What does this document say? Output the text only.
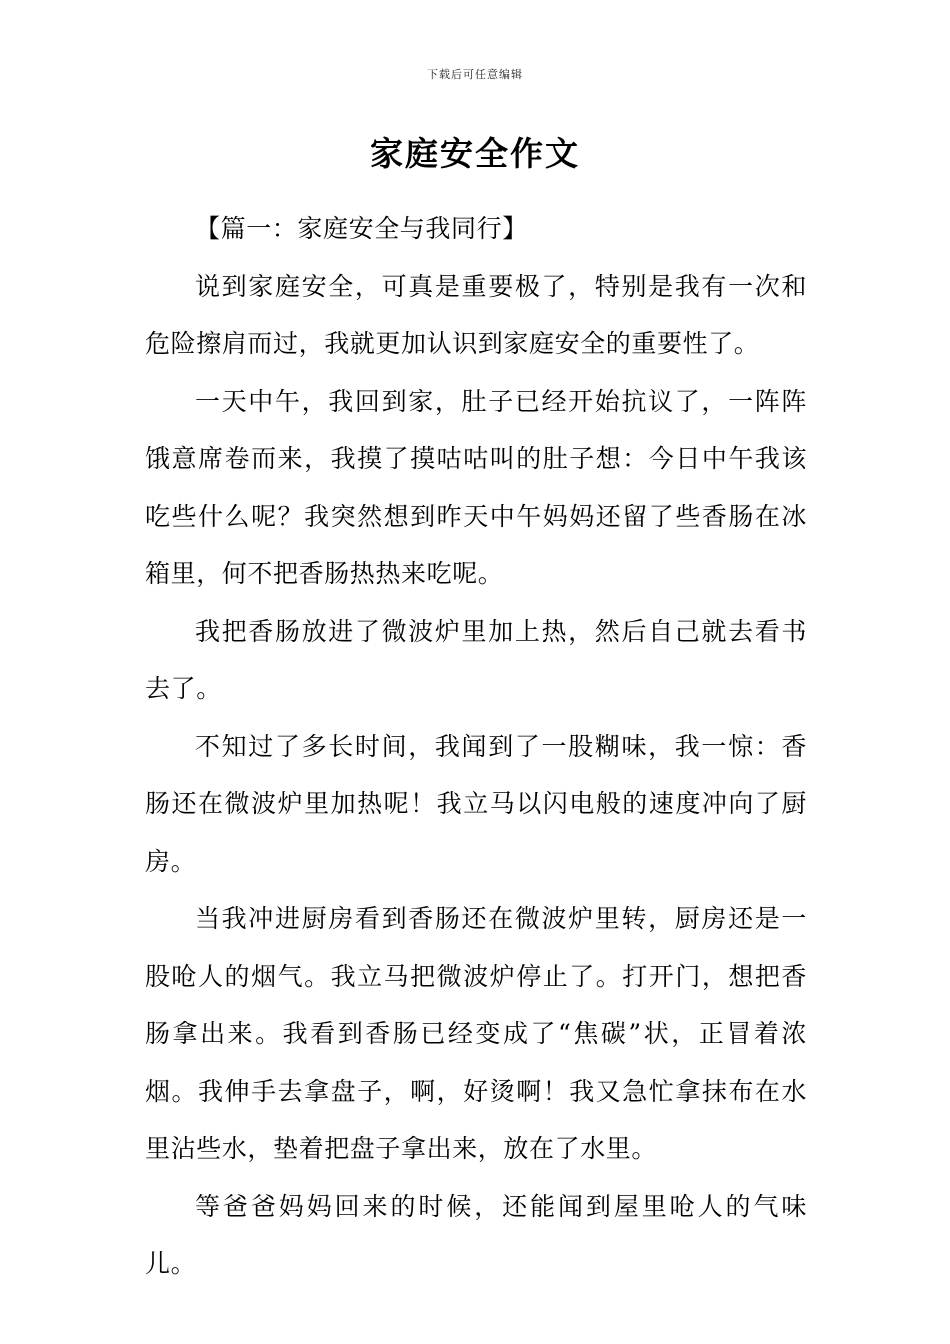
下载后可任意编辑
家庭安全作文

【篇一：家庭安全与我同行】

说到家庭安全，可真是重要极了，特别是我有一次和危险擦肩而过，我就更加认识到家庭安全的重要性了。

一天中午，我回到家，肚子已经开始抗议了，一阵阵饿意席卷而来，我摸了摸咕咕叫的肚子想：今日中午我该吃些什么呢？我突然想到昨天中午妈妈还留了些香肠在冰箱里，何不把香肠热热来吃呢。

我把香肠放进了微波炉里加上热，然后自己就去看书去了。

不知过了多长时间，我闻到了一股糊味，我一惊：香肠还在微波炉里加热呢！我立马以闪电般的速度冲向了厨房。

当我冲进厨房看到香肠还在微波炉里转，厨房还是一股呛人的烟气。我立马把微波炉停止了。打开门，想把香肠拿出来。我看到香肠已经变成了“焦碳”状，正冒着浓烟。我伸手去拿盘子，啊，好烫啊！我又急忙拿抹布在水里沾些水，垫着把盘子拿出来，放在了水里。

等爸爸妈妈回来的时候，还能闻到屋里呛人的气味儿。
